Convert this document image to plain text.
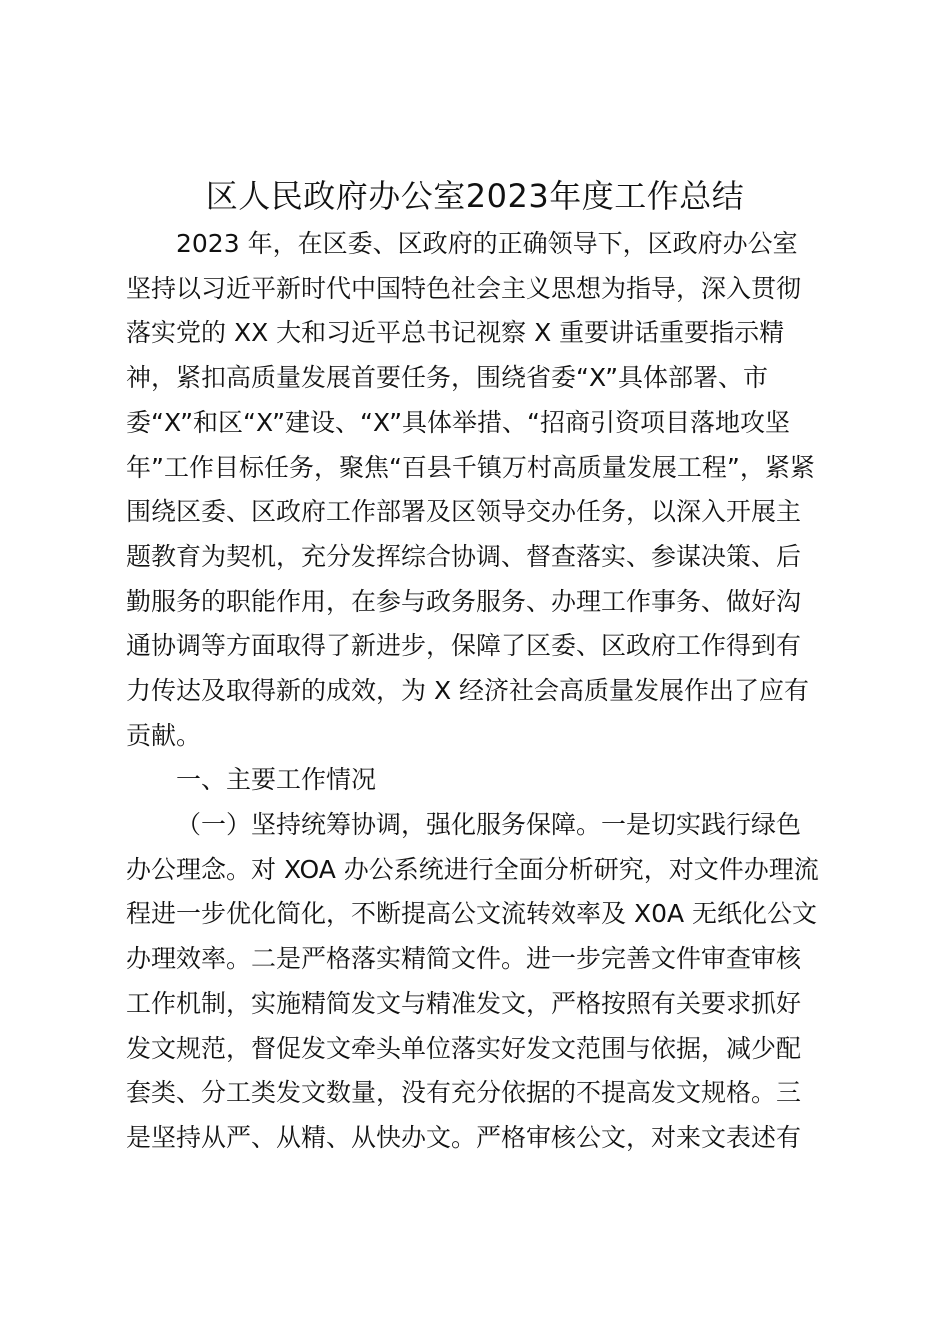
区人民政府办公室2023年度工作总结
2023 年，在区委、区政府的正确领导下，区政府办公室
坚持以习近平新时代中国特色社会主义思想为指导，深入贯彻
落实党的 XX 大和习近平总书记视察 X 重要讲话重要指示精
神，紧扣高质量发展首要任务，围绕省委“X”具体部署、市
委“X”和区“X”建设、“X”具体举措、“招商引资项目落地攻坚
年”工作目标任务，聚焦“百县千镇万村高质量发展工程”，紧紧
围绕区委、区政府工作部署及区领导交办任务，以深入开展主
题教育为契机，充分发挥综合协调、督查落实、参谋决策、后
勤服务的职能作用，在参与政务服务、办理工作事务、做好沟
通协调等方面取得了新进步，保障了区委、区政府工作得到有
力传达及取得新的成效，为 X 经济社会高质量发展作出了应有
贡献。
一、主要工作情况
（一）坚持统筹协调，强化服务保障。一是切实践行绿色
办公理念。对 XOA 办公系统进行全面分析研究，对文件办理流
程进一步优化简化，不断提高公文流转效率及 X0A 无纸化公文
办理效率。二是严格落实精简文件。进一步完善文件审查审核
工作机制，实施精简发文与精准发文，严格按照有关要求抓好
发文规范，督促发文牵头单位落实好发文范围与依据，减少配
套类、分工类发文数量，没有充分依据的不提高发文规格。三
是坚持从严、从精、从快办文。严格审核公文，对来文表述有
